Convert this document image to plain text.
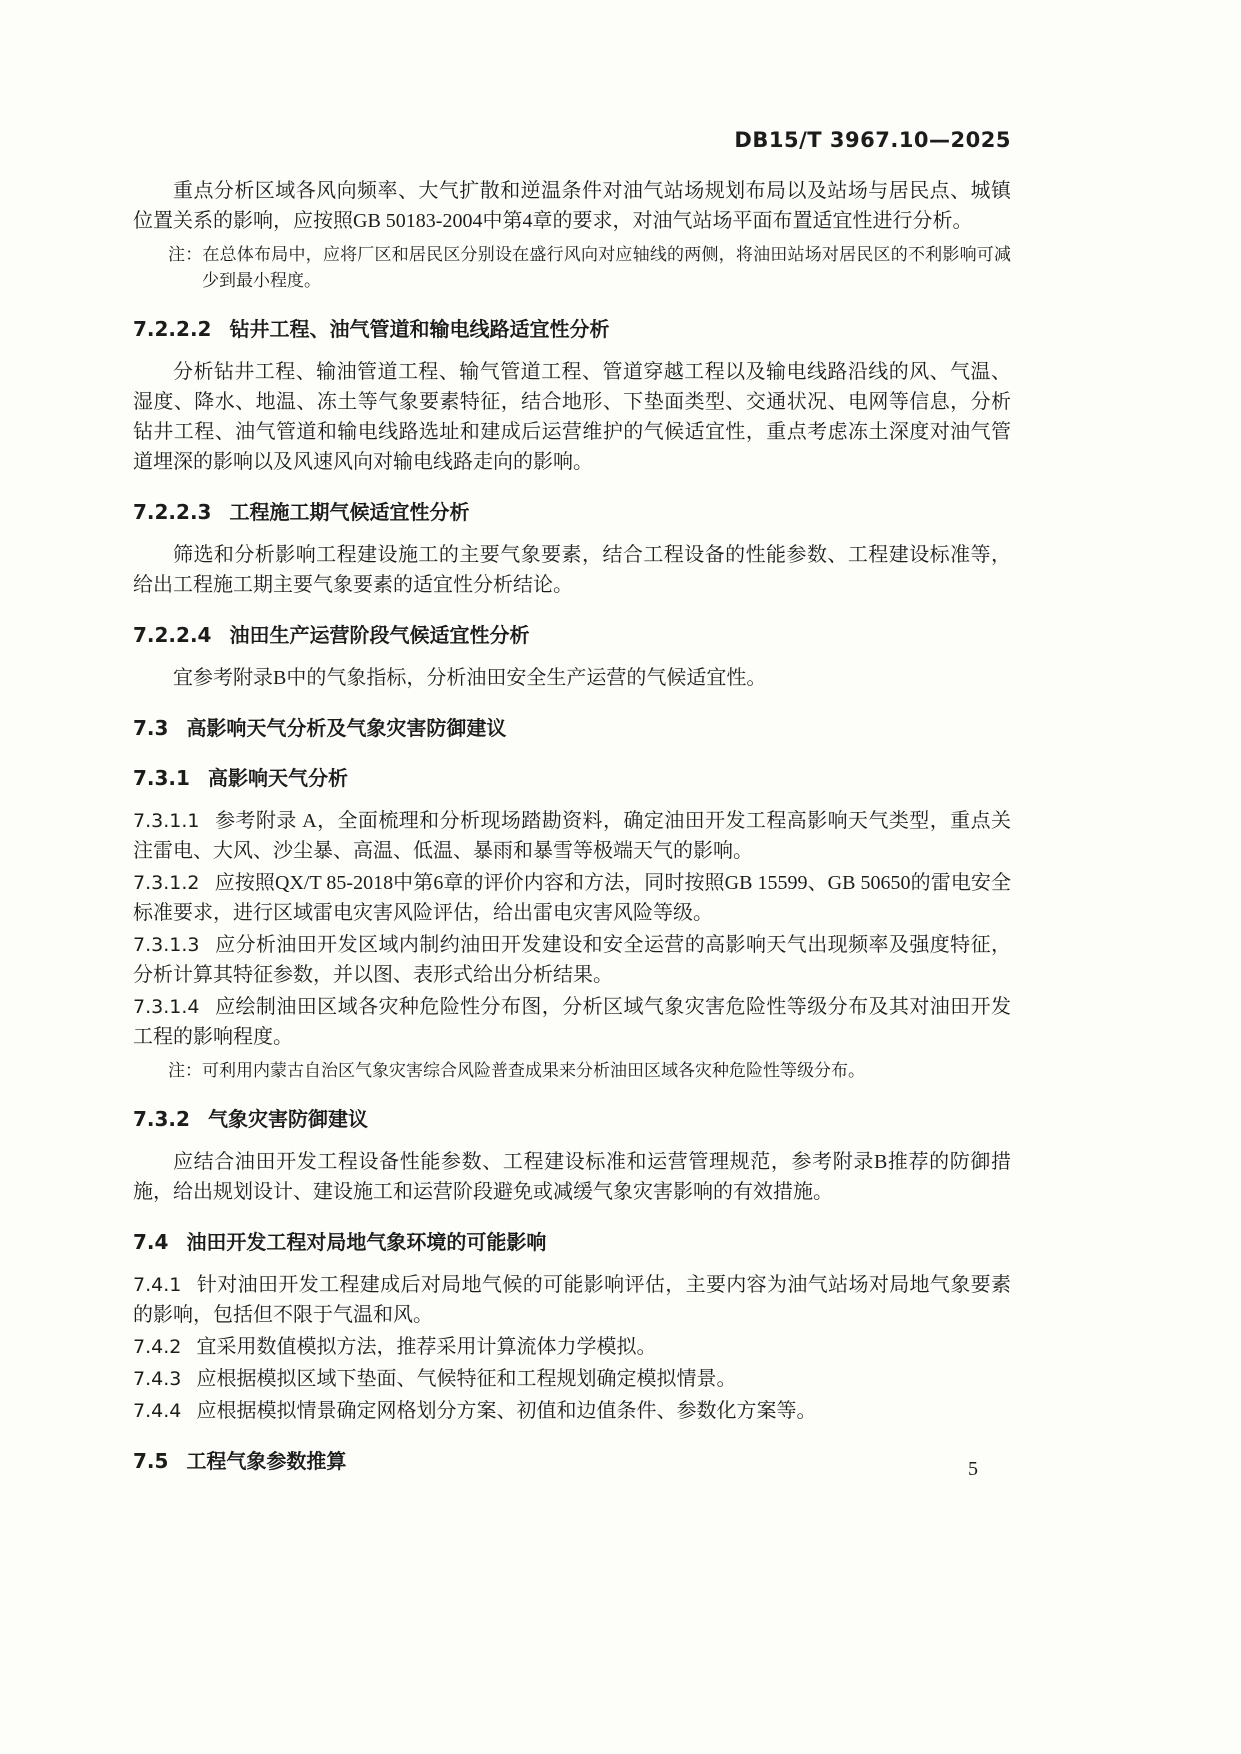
DB15/T 3967.10—2025

重点分析区域各风向频率、大气扩散和逆温条件对油气站场规划布局以及站场与居民点、城镇位置关系的影响，应按照GB 50183-2004中第4章的要求，对油气站场平面布置适宜性进行分析。

注：在总体布局中，应将厂区和居民区分别设在盛行风向对应轴线的两侧，将油田站场对居民区的不利影响可减少到最小程度。

7.2.2.2 钻井工程、油气管道和输电线路适宜性分析

分析钻井工程、输油管道工程、输气管道工程、管道穿越工程以及输电线路沿线的风、气温、湿度、降水、地温、冻土等气象要素特征，结合地形、下垫面类型、交通状况、电网等信息，分析钻井工程、油气管道和输电线路选址和建成后运营维护的气候适宜性，重点考虑冻土深度对油气管道埋深的影响以及风速风向对输电线路走向的影响。

7.2.2.3 工程施工期气候适宜性分析

筛选和分析影响工程建设施工的主要气象要素，结合工程设备的性能参数、工程建设标准等，给出工程施工期主要气象要素的适宜性分析结论。

7.2.2.4 油田生产运营阶段气候适宜性分析

宜参考附录B中的气象指标，分析油田安全生产运营的气候适宜性。

7.3 高影响天气分析及气象灾害防御建议
7.3.1 高影响天气分析

7.3.1.1 参考附录 A，全面梳理和分析现场踏勘资料，确定油田开发工程高影响天气类型，重点关注雷电、大风、沙尘暴、高温、低温、暴雨和暴雪等极端天气的影响。

7.3.1.2 应按照QX/T 85-2018中第6章的评价内容和方法，同时按照GB 15599、GB 50650的雷电安全标准要求，进行区域雷电灾害风险评估，给出雷电灾害风险等级。

7.3.1.3 应分析油田开发区域内制约油田开发建设和安全运营的高影响天气出现频率及强度特征，分析计算其特征参数，并以图、表形式给出分析结果。

7.3.1.4 应绘制油田区域各灾种危险性分布图，分析区域气象灾害危险性等级分布及其对油田开发工程的影响程度。

注：可利用内蒙古自治区气象灾害综合风险普查成果来分析油田区域各灾种危险性等级分布。

7.3.2 气象灾害防御建议

应结合油田开发工程设备性能参数、工程建设标准和运营管理规范，参考附录B推荐的防御措施，给出规划设计、建设施工和运营阶段避免或减缓气象灾害影响的有效措施。

7.4 油田开发工程对局地气象环境的可能影响

7.4.1 针对油田开发工程建成后对局地气候的可能影响评估，主要内容为油气站场对局地气象要素的影响，包括但不限于气温和风。

7.4.2 宜采用数值模拟方法，推荐采用计算流体力学模拟。

7.4.3 应根据模拟区域下垫面、气候特征和工程规划确定模拟情景。

7.4.4 应根据模拟情景确定网格划分方案、初值和边值条件、参数化方案等。

7.5 工程气象参数推算	5
